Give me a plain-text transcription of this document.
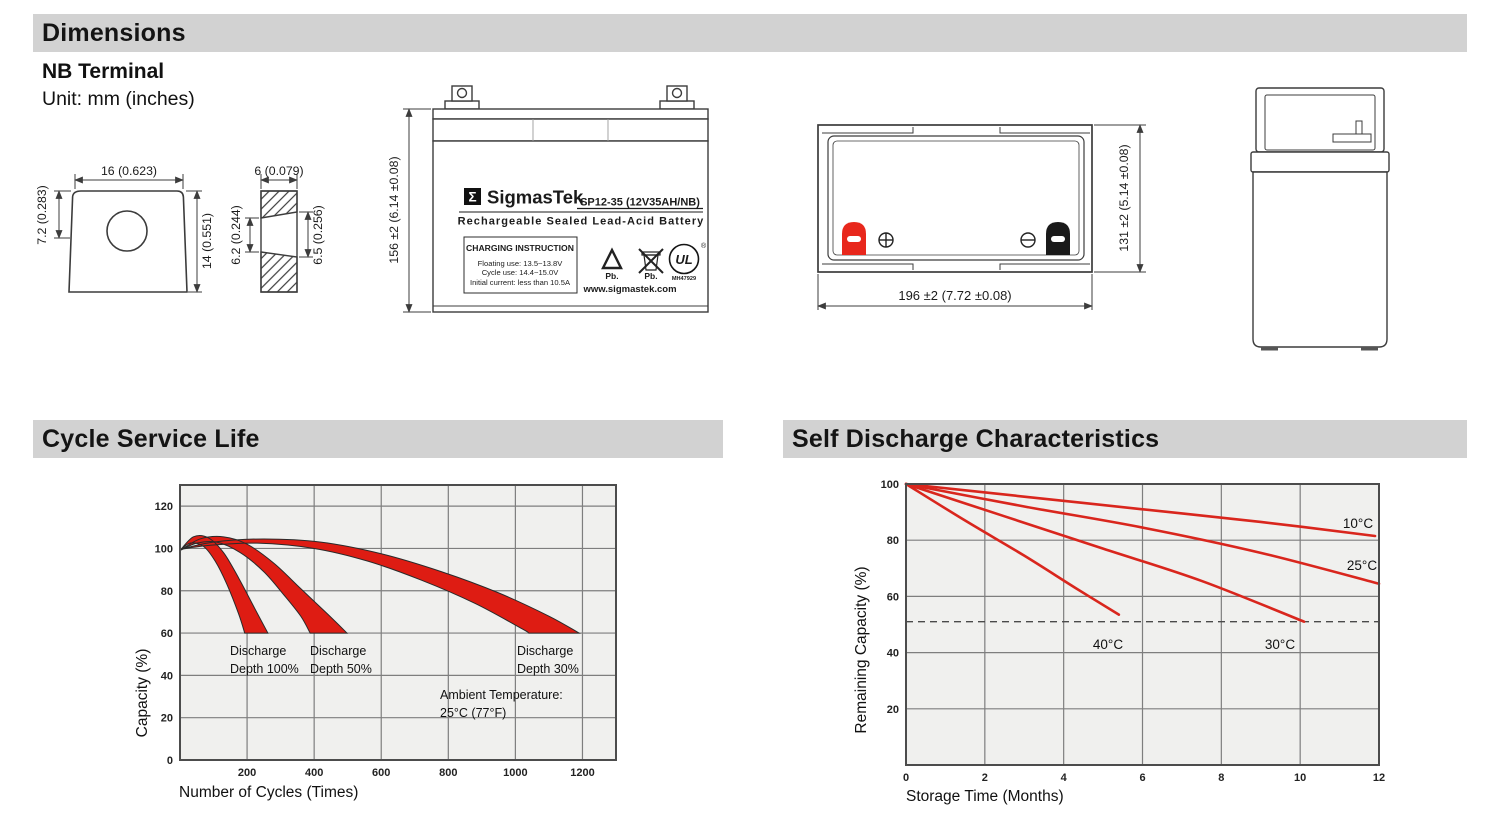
Dimensions
Cycle Service Life	Self Discharge Characteristics
NB Terminal
Unit: mm (inches)
16 (0.623)
7.2 (0.283)	14 (0.551)
6 (0.079)
6.2 (0.244)	6.5 (0.256)	156 ±2 (6.14 ±0.08)	Σ SigmasTek
SP12-35 (12V35AH/NB)
Rechargeable Sealed Lead-Acid Battery
CHARGING INSTRUCTION
Floating use: 13.5~13.8V
Cycle use: 14.4~15.0V
Initial current: less than 10.5A
Pb.	Pb.
UL
®
MH47929
www.sigmastek.com
131 ±2 (5.14 ±0.08)
196 ±2 (7.72 ±0.08)
0
20
40
60
80
100
120
200	400	600	800	1000	1200
Discharge
Depth 100%
Discharge
Depth 50%
Discharge
Depth 30%
Ambient Temperature:
25°C (77°F)
Number of Cycles (Times)
Capacity (%)	20
40
60
80
100
0	2	4	6	8	10	12
10°C
25°C
30°C
40°C
Storage Time (Months)
Remaining Capacity (%)
